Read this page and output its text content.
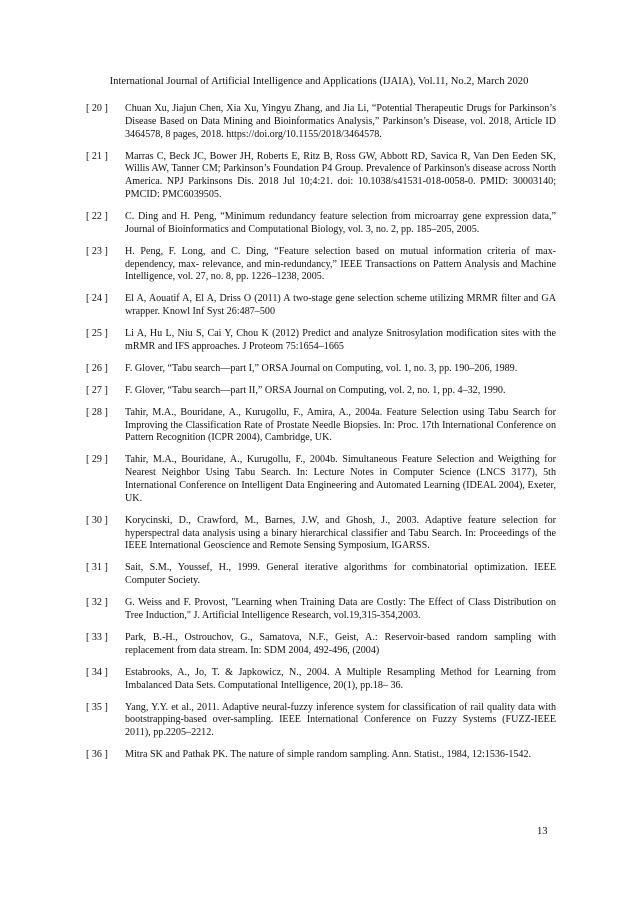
International Journal of Artificial Intelligence and Applications (IJAIA), Vol.11, No.2, March 2020
[ 20 ]	Chuan Xu, Jiajun Chen, Xia Xu, Yingyu Zhang, and Jia Li, “Potential Therapeutic Drugs for Parkinson’s Disease Based on Data Mining and Bioinformatics Analysis,” Parkinson’s Disease, vol. 2018, Article ID 3464578, 8 pages, 2018. https://doi.org/10.1155/2018/3464578.
[ 21 ]	Marras C, Beck JC, Bower JH, Roberts E, Ritz B, Ross GW, Abbott RD, Savica R, Van Den Eeden SK, Willis AW, Tanner CM; Parkinson’s Foundation P4 Group. Prevalence of Parkinson's disease across North America. NPJ Parkinsons Dis. 2018 Jul 10;4:21. doi: 10.1038/s41531-018-0058-0. PMID: 30003140; PMCID: PMC6039505.
[ 22 ]	C. Ding and H. Peng, “Minimum redundancy feature selection from microarray gene expression data,” Journal of Bioinformatics and Computational Biology, vol. 3, no. 2, pp. 185–205, 2005.
[ 23 ]	H. Peng, F. Long, and C. Ding, “Feature selection based on mutual information criteria of max-dependency, max- relevance, and min-redundancy,” IEEE Transactions on Pattern Analysis and Machine Intelligence, vol. 27, no. 8, pp. 1226–1238, 2005.
[ 24 ]	El A, Aouatif A, El A, Driss O (2011) A two-stage gene selection scheme utilizing MRMR filter and GA wrapper. Knowl Inf Syst 26:487–500
[ 25 ]	Li A, Hu L, Niu S, Cai Y, Chou K (2012) Predict and analyze Snitrosylation modification sites with the mRMR and IFS approaches. J Proteom 75:1654–1665
[ 26 ]	F. Glover, “Tabu search—part I,” ORSA Journal on Computing, vol. 1, no. 3, pp. 190–206, 1989.
[ 27 ]	F. Glover, “Tabu search—part II,” ORSA Journal on Computing, vol. 2, no. 1, pp. 4–32, 1990.
[ 28 ]	Tahir, M.A., Bouridane, A., Kurugollu, F., Amira, A., 2004a. Feature Selection using Tabu Search for Improving the Classification Rate of Prostate Needle Biopsies. In: Proc. 17th International Conference on Pattern Recognition (ICPR 2004), Cambridge, UK.
[ 29 ]	Tahir, M.A., Bouridane, A., Kurugollu, F., 2004b. Simultaneous Feature Selection and Weigthing for Nearest Neighbor Using Tabu Search. In: Lecture Notes in Computer Science (LNCS 3177), 5th International Conference on Intelligent Data Engineering and Automated Learning (IDEAL 2004), Exeter, UK.
[ 30 ]	Korycinski, D., Crawford, M., Barnes, J.W, and Ghosh, J., 2003. Adaptive feature selection for hyperspectral data analysis using a binary hierarchical classifier and Tabu Search. In: Proceedings of the IEEE International Geoscience and Remote Sensing Symposium, IGARSS.
[ 31 ]	Sait, S.M., Youssef, H., 1999. General iterative algorithms for combinatorial optimization. IEEE Computer Society.
[ 32 ]	G. Weiss and F. Provost, "Learning when Training Data are Costly: The Effect of Class Distribution on Tree Induction," J. Artificial Intelligence Research, vol.19,315-354,2003.
[ 33 ]	Park, B.-H., Ostrouchov, G., Samatova, N.F., Geist, A.: Reservoir-based random sampling with replacement from data stream. In: SDM 2004, 492-496, (2004)
[ 34 ]	Estabrooks, A., Jo, T. & Japkowicz, N., 2004. A Multiple Resampling Method for Learning from Imbalanced Data Sets. Computational Intelligence, 20(1), pp.18– 36.
[ 35 ]	Yang, Y.Y. et al., 2011. Adaptive neural-fuzzy inference system for classification of rail quality data with bootstrapping-based over-sampling. IEEE International Conference on Fuzzy Systems (FUZZ-IEEE 2011), pp.2205–2212.
[ 36 ]	Mitra SK and Pathak PK. The nature of simple random sampling. Ann. Statist., 1984, 12:1536-1542.
13
